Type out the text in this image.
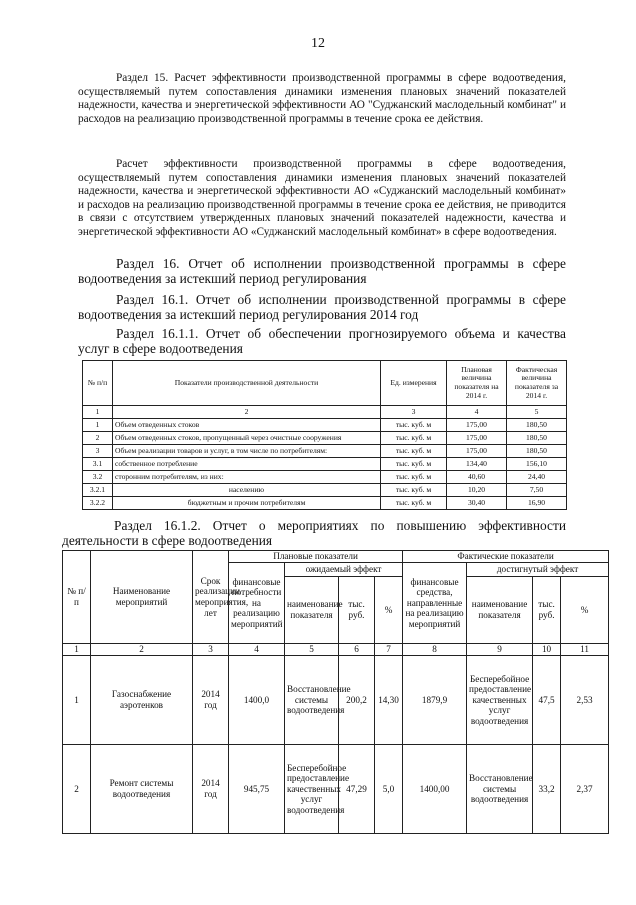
12
Раздел 15. Расчет эффективности производственной программы в сфере водоотведения, осуществляемый путем сопоставления динамики изменения плановых значений показателей надежности, качества и энергетической эффективности АО "Суджанский маслодельный комбинат" и расходов на реализацию производственной программы в течение срока ее действия.
Расчет эффективности производственной программы в сфере водоотведения, осуществляемый путем сопоставления динамики изменения плановых значений показателей надежности, качества и энергетической эффективности АО «Суджанский маслодельный комбинат» и расходов на реализацию производственной программы в течение срока ее действия, не приводится в связи с отсутствием утвержденных плановых значений показателей надежности, качества и энергетической эффективности АО «Суджанский маслодельный комбинат» в сфере водоотведения.
Раздел 16. Отчет об исполнении производственной программы в сфере водоотведения за истекший период регулирования
Раздел 16.1. Отчет об исполнении производственной программы в сфере водоотведения за истекший период регулирования 2014 год
Раздел 16.1.1. Отчет об обеспечении прогнозируемого объема и качества услуг в сфере водоотведения
№ п/п	Показатели производственной деятельности	Ед. измерения	Плановая величина показателя на 2014 г.	Фактическая величина показателя за 2014 г.
1	2	3	4	5
1	Объем отведенных стоков	тыс. куб. м	175,00	180,50
2	Объем отведенных стоков, пропущенный через очистные сооружения	тыс. куб. м	175,00	180,50
3	Объем реализации товаров и услуг, в том числе по потребителям:	тыс. куб. м	175,00	180,50
3.1	собственное потребление	тыс. куб. м	134,40	156,10
3.2	сторонним потребителям, из них:	тыс. куб. м	40,60	24,40
3.2.1	населению	тыс. куб. м	10,20	7,50
3.2.2	бюджетным и прочим потребителям	тыс. куб. м	30,40	16,90
Раздел 16.1.2. Отчет о мероприятиях по повышению эффективности деятельности в сфере водоотведения
№ п/п	Наименование мероприятий	Срок реализации мероприятия, лет	Плановые показатели				Фактические показатели			
			финансовые потребности на реализацию мероприятий	ожидаемый эффект			финансовые средства, направленные на реализацию мероприятий	достигнутый эффект		
				наименование показателя	тыс. руб.	%		наименование показателя	тыс. руб.	%
1	2	3	4	5	6	7	8	9	10	11
1	Газоснабжение аэротенков	2014 год	1400,0	Восстановление системы водоотведения	200,2	14,30	1879,9	Бесперебойное предоставление качественных услуг водоотведения	47,5	2,53
2	Ремонт системы водоотведения	2014 год	945,75	Бесперебойное предоставление качественных услуг водоотведения	47,29	5,0	1400,00	Восстановление системы водоотведения	33,2	2,37
